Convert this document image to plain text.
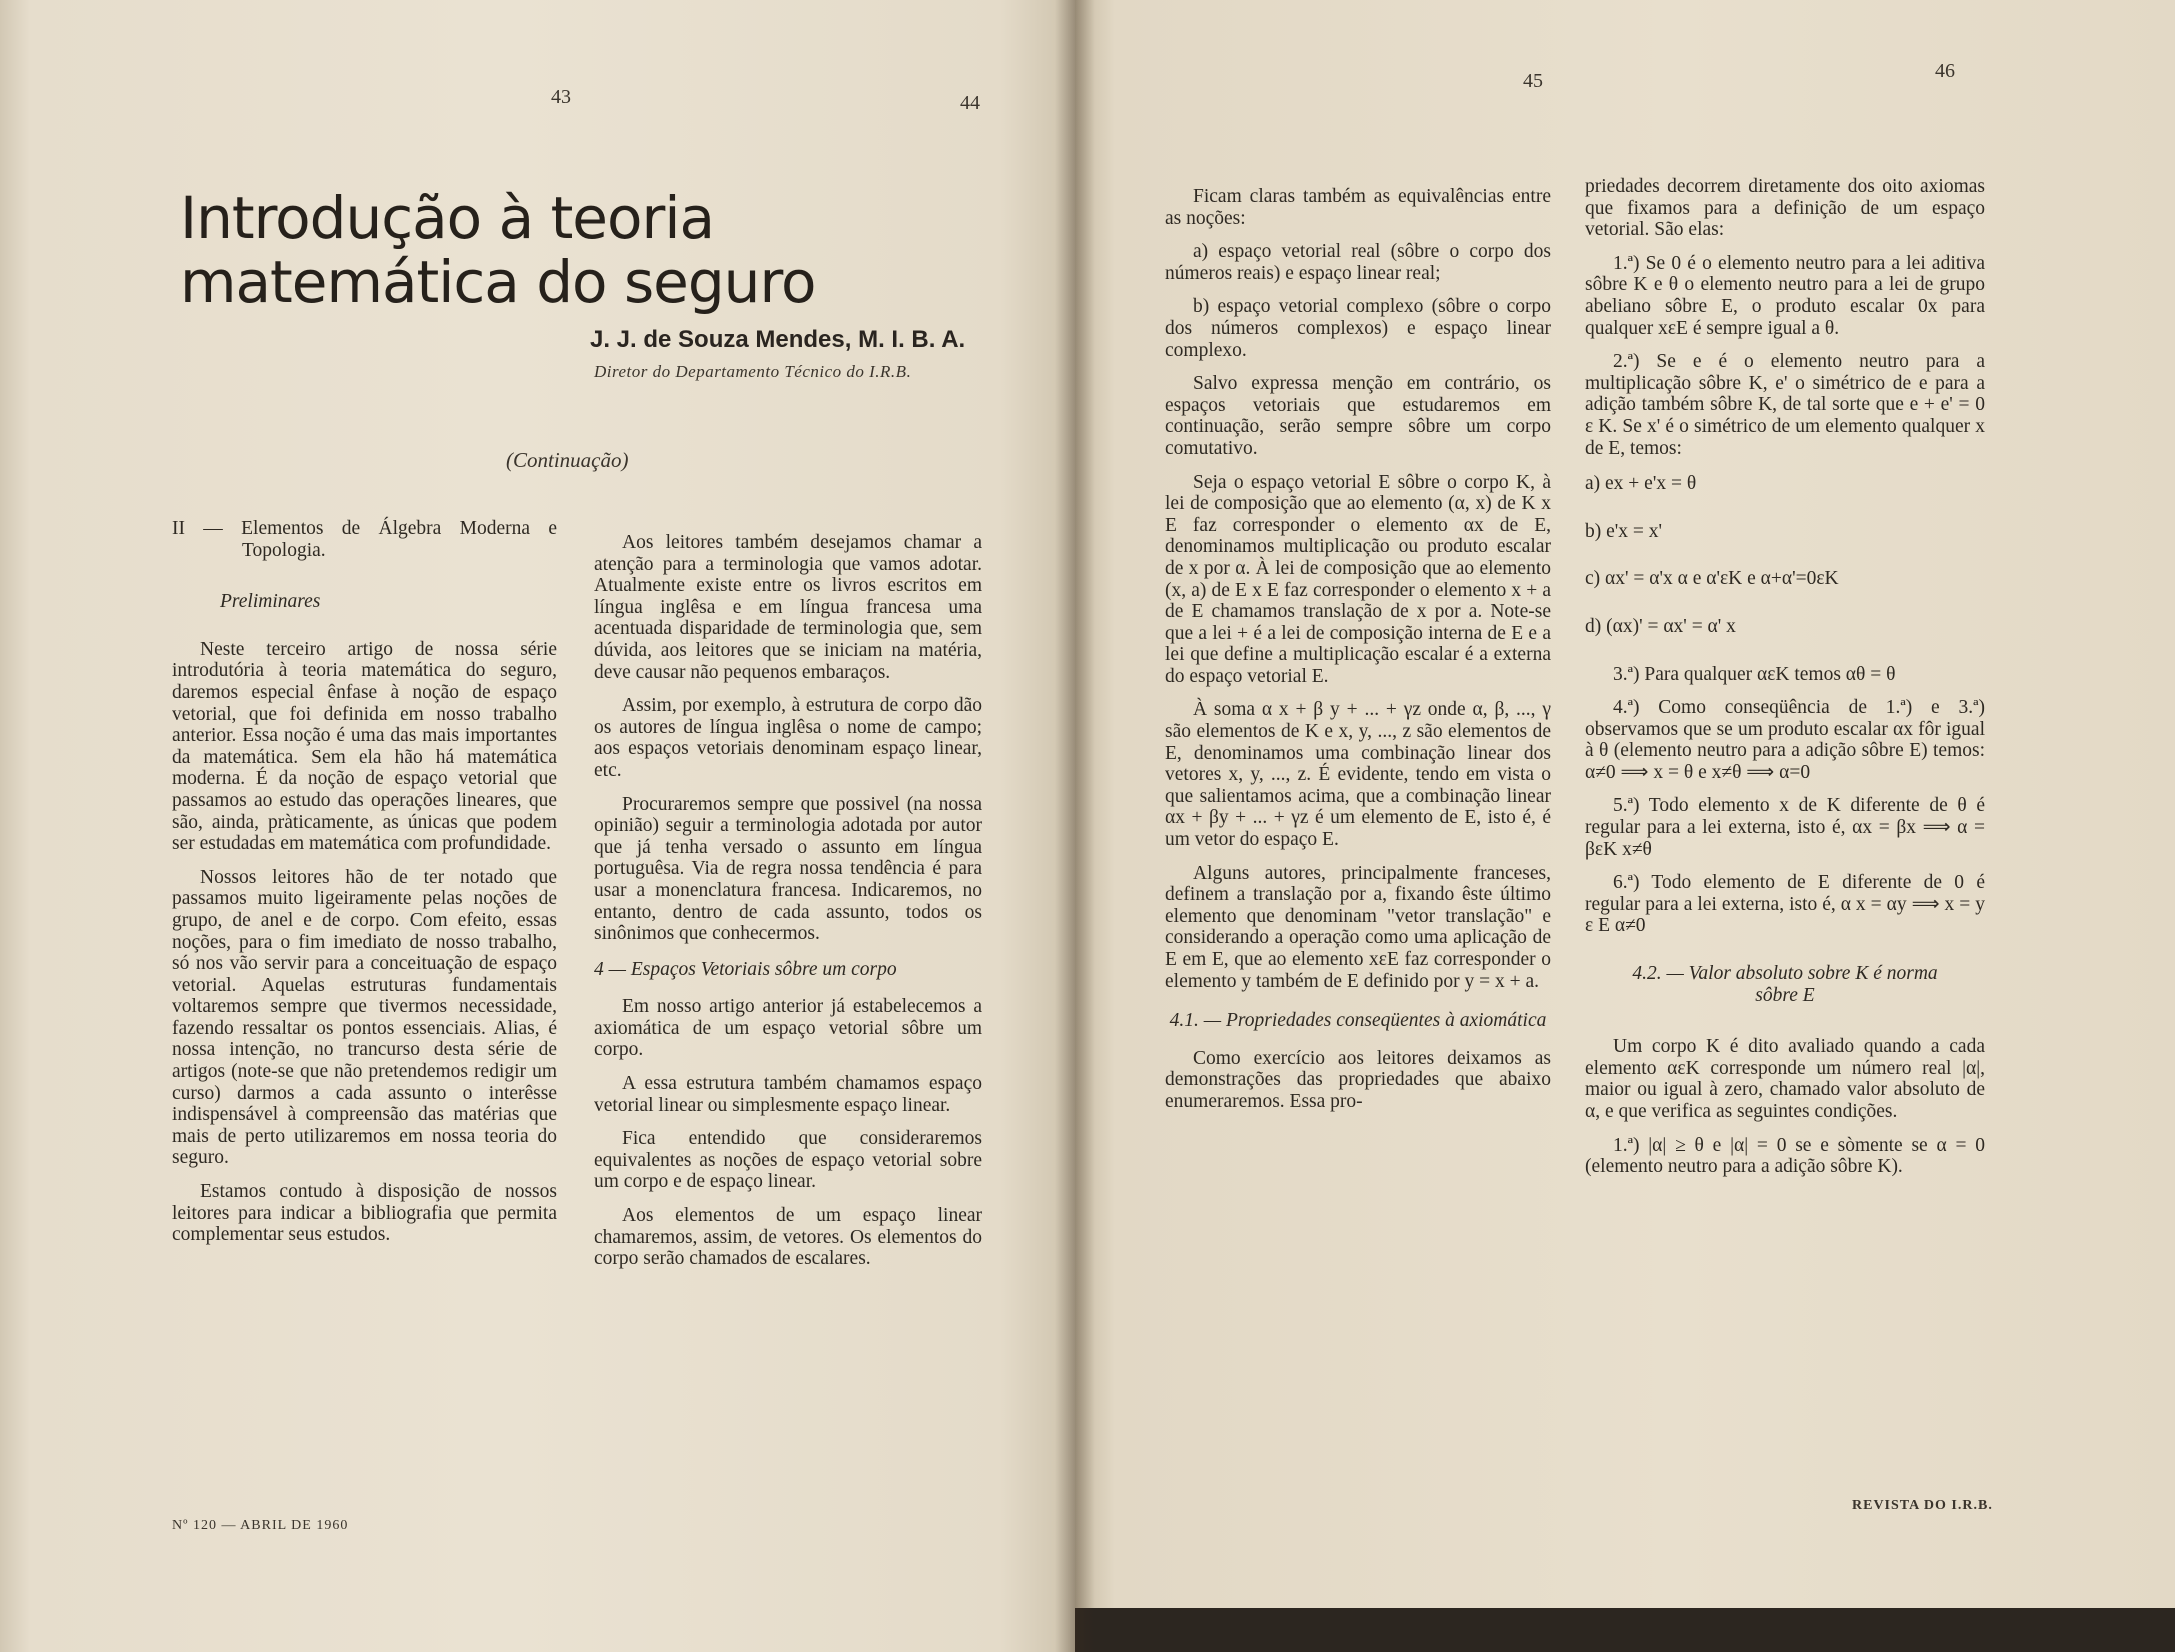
43	44
Introdução à teoria matemática do seguro
J. J. de Souza Mendes, M. I. B. A.
Diretor do Departamento Técnico do I.R.B.
(Continuação)

II — Elementos de Álgebra Moderna e Topologia.

Preliminares

Neste terceiro artigo de nossa série introdutória à teoria matemática do seguro, daremos especial ênfase à noção de espaço vetorial, que foi definida em nosso trabalho anterior. Essa noção é uma das mais importantes da matemática. Sem ela hão há matemática moderna. É da noção de espaço vetorial que passamos ao estudo das operações lineares, que são, ainda, pràticamente, as únicas que podem ser estudadas em matemática com profundidade.

Nossos leitores hão de ter notado que passamos muito ligeiramente pelas noções de grupo, de anel e de corpo. Com efeito, essas noções, para o fim imediato de nosso trabalho, só nos vão servir para a conceituação de espaço vetorial. Aquelas estruturas fundamentais voltaremos sempre que tivermos necessidade, fazendo ressaltar os pontos essenciais. Alias, é nossa intenção, no trancurso desta série de artigos (note-se que não pretendemos redigir um curso) darmos a cada assunto o interêsse indispensável à compreensão das matérias que mais de perto utilizaremos em nossa teoria do seguro.

Estamos contudo à disposição de nossos leitores para indicar a bibliografia que permita complementar seus estudos.

Aos leitores também desejamos chamar a atenção para a terminologia que vamos adotar. Atualmente existe entre os livros escritos em língua inglêsa e em língua francesa uma acentuada disparidade de terminologia que, sem dúvida, aos leitores que se iniciam na matéria, deve causar não pequenos embaraços.

Assim, por exemplo, à estrutura de corpo dão os autores de língua inglêsa o nome de campo; aos espaços vetoriais denominam espaço linear, etc.

Procuraremos sempre que possivel (na nossa opinião) seguir a terminologia adotada por autor que já tenha versado o assunto em língua portuguêsa. Via de regra nossa tendência é para usar a monenclatura francesa. Indicaremos, no entanto, dentro de cada assunto, todos os sinônimos que conhecermos.

4 — Espaços Vetoriais sôbre um corpo

Em nosso artigo anterior já estabelecemos a axiomática de um espaço vetorial sôbre um corpo.

A essa estrutura também chamamos espaço vetorial linear ou simplesmente espaço linear.

Fica entendido que consideraremos equivalentes as noções de espaço vetorial sobre um corpo e de espaço linear.

Aos elementos de um espaço linear chamaremos, assim, de vetores. Os elementos do corpo serão chamados de escalares.

Nº 120 — ABRIL DE 1960
45	46

Ficam claras também as equivalências entre as noções:

a) espaço vetorial real (sôbre o corpo dos números reais) e espaço linear real;

b) espaço vetorial complexo (sôbre o corpo dos números complexos) e espaço linear complexo.

Salvo expressa menção em contrário, os espaços vetoriais que estudaremos em continuação, serão sempre sôbre um corpo comutativo.

Seja o espaço vetorial E sôbre o corpo K, à lei de composição que ao elemento (α, x) de K x E faz corresponder o elemento αx de E, denominamos multiplicação ou produto escalar de x por α. À lei de composição que ao elemento (x, a) de E x E faz corresponder o elemento x + a de E chamamos translação de x por a. Note-se que a lei + é a lei de composição interna de E e a lei que define a multiplicação escalar é a externa do espaço vetorial E.

À soma α x + β y + ... + γz onde α, β, ..., γ são elementos de K e x, y, ..., z são elementos de E, denominamos uma combinação linear dos vetores x, y, ..., z. É evidente, tendo em vista o que salientamos acima, que a combinação linear αx + βy + ... + γz é um elemento de E, isto é, é um vetor do espaço E.

Alguns autores, principalmente franceses, definem a translação por a, fixando êste último elemento que denominam "vetor translação" e considerando a operação como uma aplicação de E em E, que ao elemento xεE faz corresponder o elemento y também de E definido por y = x + a.

4.1. — Propriedades conseqüentes à axiomática

Como exercício aos leitores deixamos as demonstrações das propriedades que abaixo enumeraremos. Essa pro-

priedades decorrem diretamente dos oito axiomas que fixamos para a definição de um espaço vetorial. São elas:

1.ª) Se 0 é o elemento neutro para a lei aditiva sôbre K e θ o elemento neutro para a lei de grupo abeliano sôbre E, o produto escalar 0x para qualquer xεE é sempre igual a θ.

2.ª) Se e é o elemento neutro para a multiplicação sôbre K, e' o simétrico de e para a adição também sôbre K, de tal sorte que e + e' = 0 ε K. Se x' é o simétrico de um elemento qualquer x de E, temos:

a) ex + e'x = θ

b) e'x = x'

c) αx' = α'x α e α'εK e α+α'=0εK

d) (αx)' = αx' = α' x

3.ª) Para qualquer αεK temos αθ = θ

4.ª) Como conseqüência de 1.ª) e 3.ª) observamos que se um produto escalar αx fôr igual à θ (elemento neutro para a adição sôbre E) temos: α≠0 ⟹ x = θ e x≠θ ⟹ α=0

5.ª) Todo elemento x de K diferente de θ é regular para a lei externa, isto é, αx = βx ⟹ α = βεK x≠θ

6.ª) Todo elemento de E diferente de 0 é regular para a lei externa, isto é, α x = αy ⟹ x = y ε E α≠0

4.2. — Valor absoluto sobre K é norma sôbre E

Um corpo K é dito avaliado quando a cada elemento αεK corresponde um número real |α|, maior ou igual à zero, chamado valor absoluto de α, e que verifica as seguintes condições.

1.ª) |α| ≥ θ e |α| = 0 se e sòmente se α = 0 (elemento neutro para a adição sôbre K).

REVISTA DO I.R.B.
